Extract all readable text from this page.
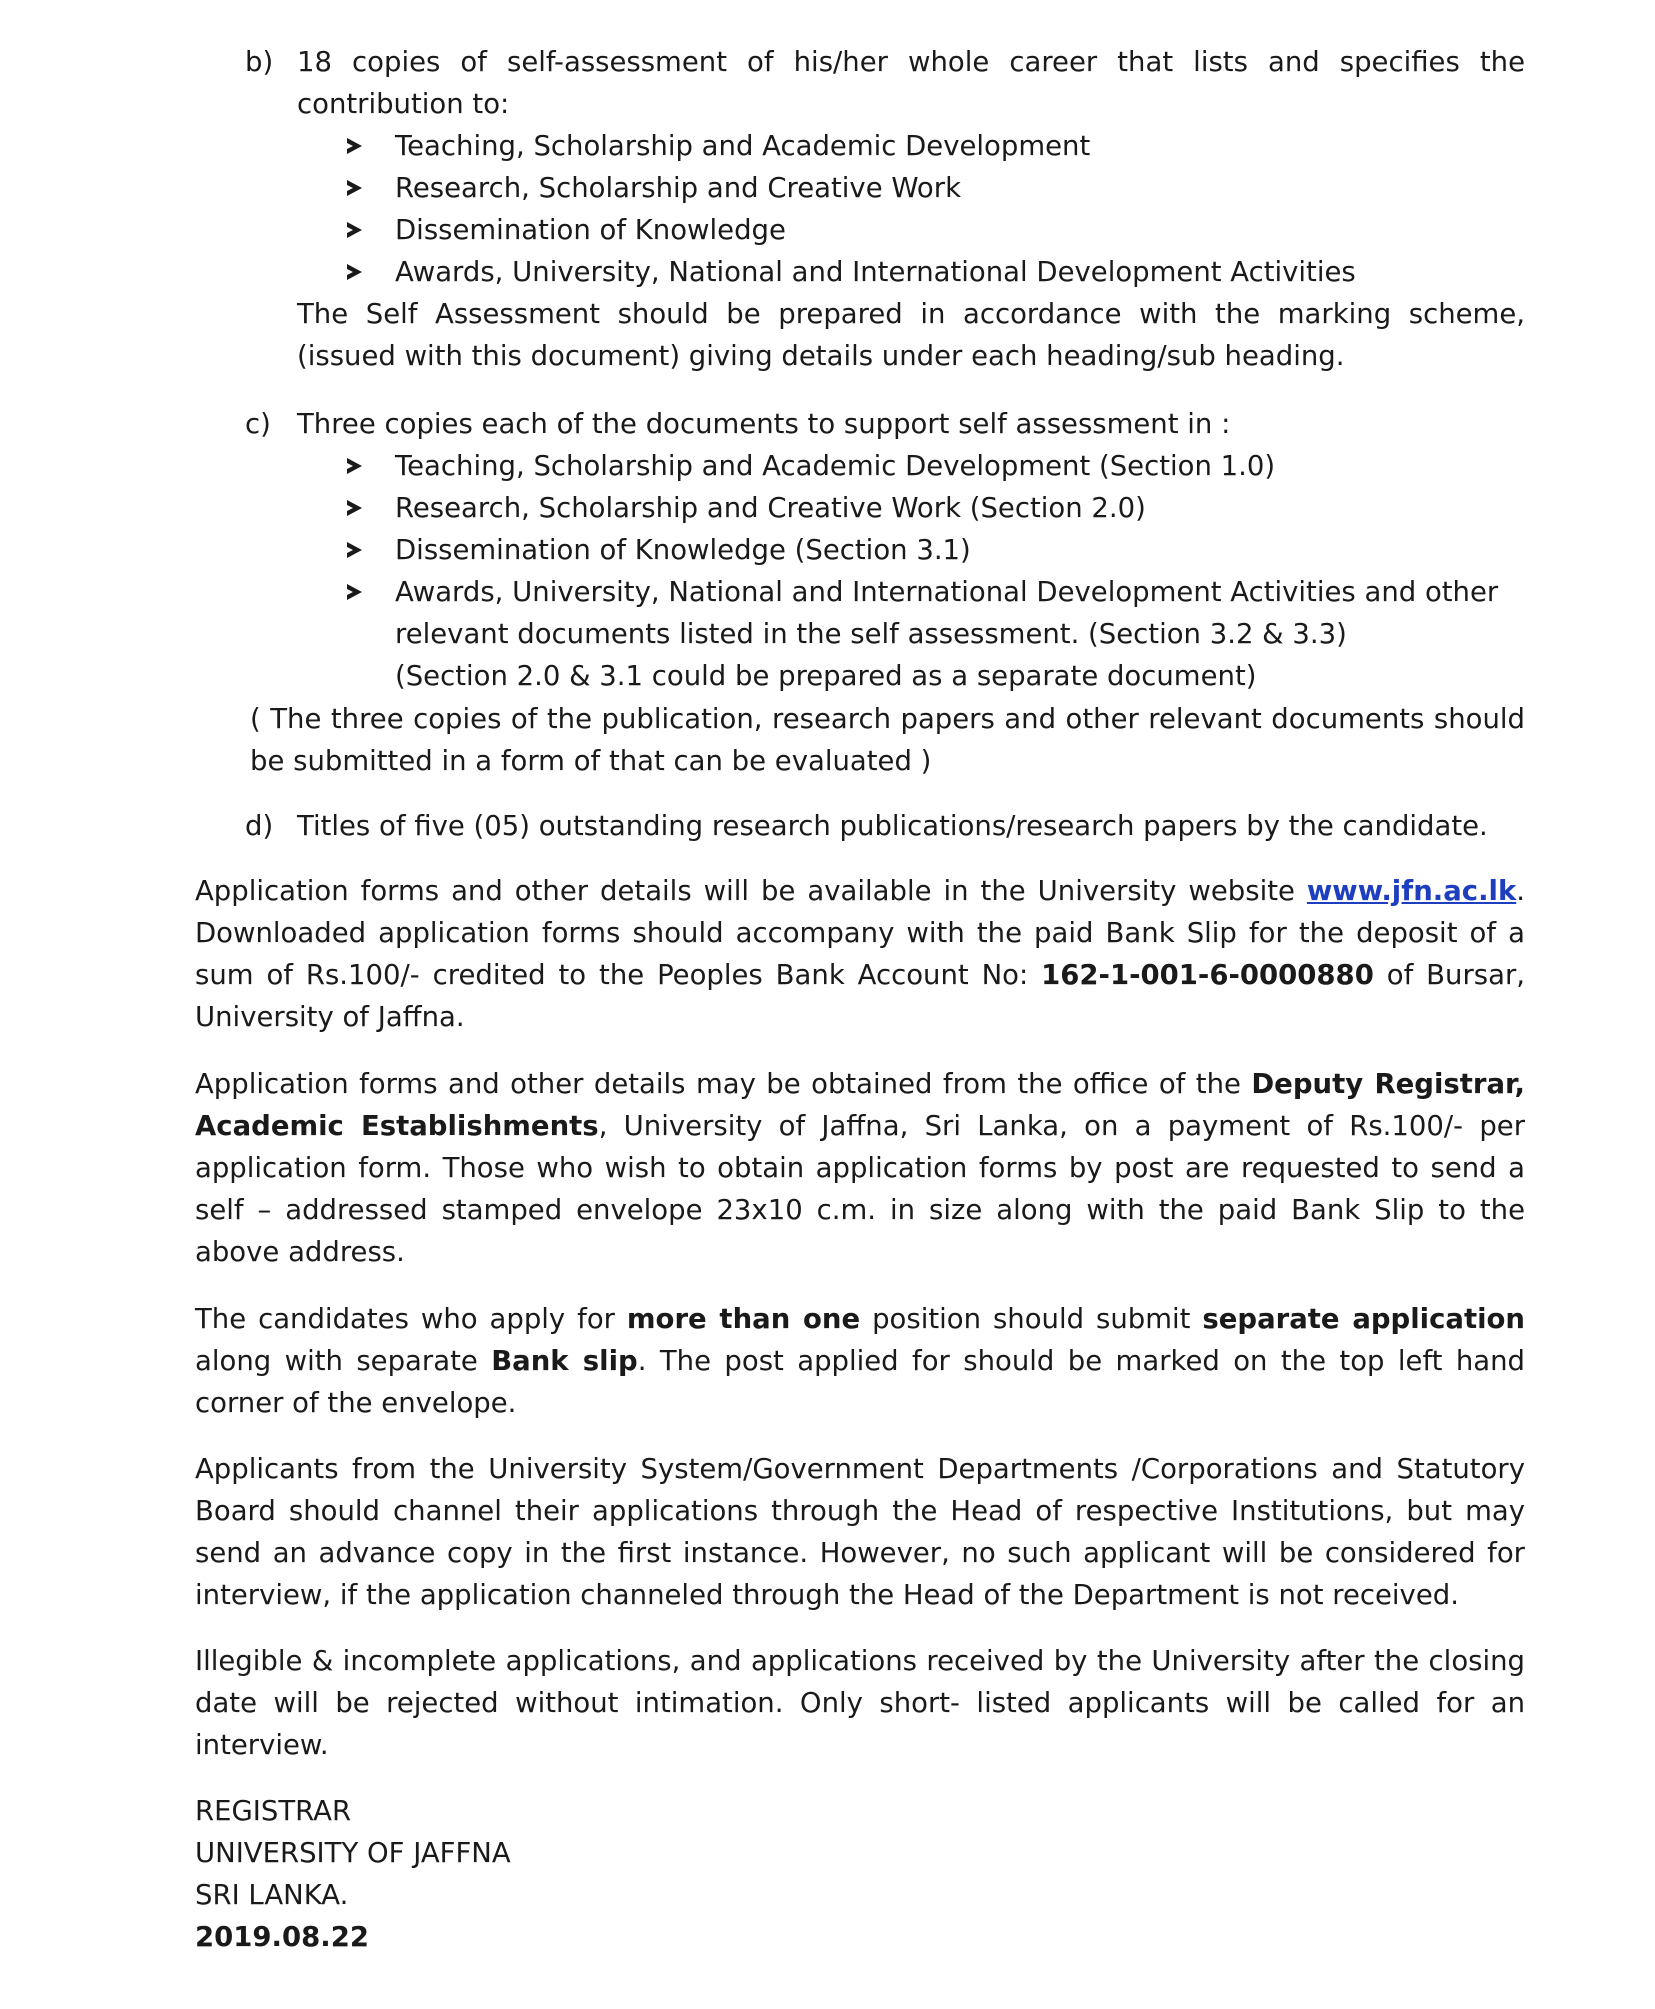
b) 18 copies of self-assessment of his/her whole career that lists and specifies the contribution to:
Teaching, Scholarship and Academic Development
Research, Scholarship and Creative Work
Dissemination of Knowledge
Awards, University, National and International Development Activities
The Self Assessment should be prepared in accordance with the marking scheme, (issued with this document) giving details under each heading/sub heading.
c) Three copies each of the documents to support self assessment in :
Teaching, Scholarship and Academic Development (Section 1.0)
Research, Scholarship and Creative Work (Section 2.0)
Dissemination of Knowledge (Section 3.1)
Awards, University, National and International Development Activities and other relevant documents listed in the self assessment. (Section 3.2 & 3.3)
(Section 2.0 & 3.1 could be prepared as a separate document)
( The three copies of the publication, research papers and other relevant documents should be submitted in a form of that can be evaluated )
d) Titles of five (05) outstanding research publications/research papers by the candidate.
Application forms and other details will be available in the University website www.jfn.ac.lk. Downloaded application forms should accompany with the paid Bank Slip for the deposit of a sum of Rs.100/- credited to the Peoples Bank Account No: 162-1-001-6-0000880 of Bursar, University of Jaffna.
Application forms and other details may be obtained from the office of the Deputy Registrar, Academic Establishments, University of Jaffna, Sri Lanka, on a payment of Rs.100/- per application form. Those who wish to obtain application forms by post are requested to send a self – addressed stamped envelope 23x10 c.m. in size along with the paid Bank Slip to the above address.
The candidates who apply for more than one position should submit separate application along with separate Bank slip. The post applied for should be marked on the top left hand corner of the envelope.
Applicants from the University System/Government Departments /Corporations and Statutory Board should channel their applications through the Head of respective Institutions, but may send an advance copy in the first instance. However, no such applicant will be considered for interview, if the application channeled through the Head of the Department is not received.
Illegible & incomplete applications, and applications received by the University after the closing date will be rejected without intimation. Only short- listed applicants will be called for an interview.
REGISTRAR
UNIVERSITY OF JAFFNA
SRI LANKA.
2019.08.22
